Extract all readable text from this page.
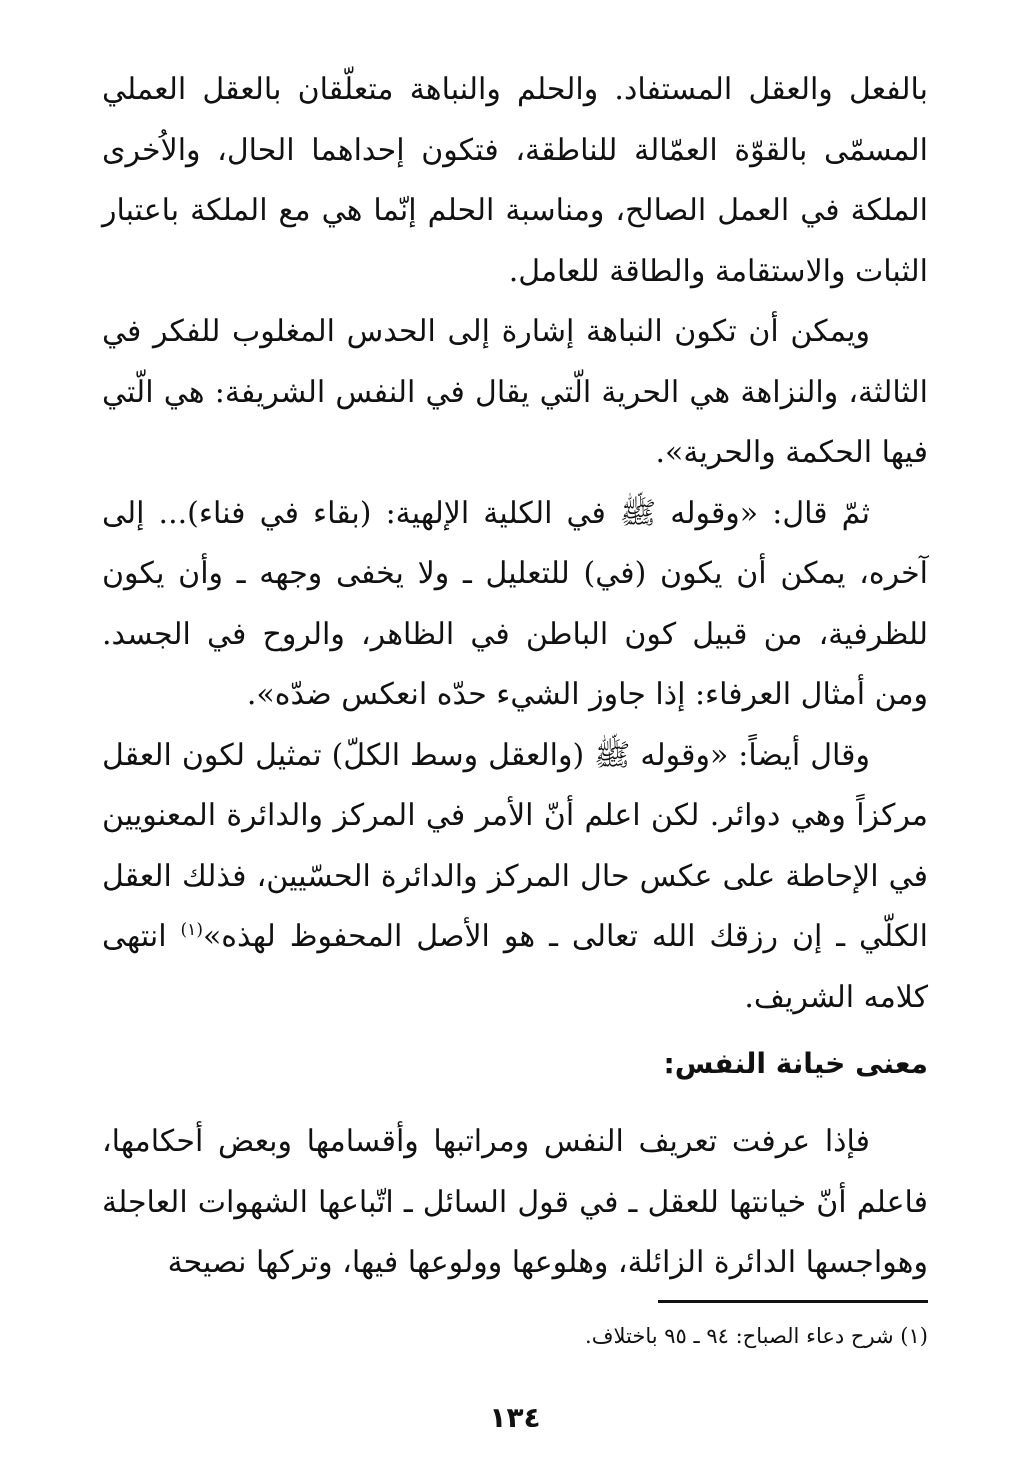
بالفعل والعقل المستفاد. والحلم والنباهة متعلّقان بالعقل العملي المسمّى بالقوّة العمّالة للناطقة، فتكون إحداهما الحال، والاُخرى الملكة في العمل الصالح، ومناسبة الحلم إنّما هي مع الملكة باعتبار الثبات والاستقامة والطاقة للعامل.

ويمكن أن تكون النباهة إشارة إلى الحدس المغلوب للفكر في الثالثة، والنزاهة هي الحرية الّتي يقال في النفس الشريفة: هي الّتي فيها الحكمة والحرية».

ثمّ قال: «وقوله ﷺ في الكلية الإلهية: (بقاء في فناء)... إلى آخره، يمكن أن يكون (في) للتعليل ـ ولا يخفى وجهه ـ وأن يكون للظرفية، من قبيل كون الباطن في الظاهر، والروح في الجسد. ومن أمثال العرفاء: إذا جاوز الشيء حدّه انعكس ضدّه».

وقال أيضاً: «وقوله ﷺ (والعقل وسط الكلّ) تمثيل لكون العقل مركزاً وهي دوائر. لكن اعلم أنّ الأمر في المركز والدائرة المعنويين في الإحاطة على عكس حال المركز والدائرة الحسّيين، فذلك العقل الكلّي ـ إن رزقك الله تعالى ـ هو الأصل المحفوظ لهذه»$^{(١)}$ انتهى كلامه الشريف.

معنى خيانة النفس:

فإذا عرفت تعريف النفس ومراتبها وأقسامها وبعض أحكامها، فاعلم أنّ خيانتها للعقل ـ في قول السائل ـ اتّباعها الشهوات العاجلة وهواجسها الدائرة الزائلة، وهلوعها وولوعها فيها، وتركها نصيحة

(١) شرح دعاء الصباح: ٩٤ ـ ٩٥ باختلاف.

١٣٤
